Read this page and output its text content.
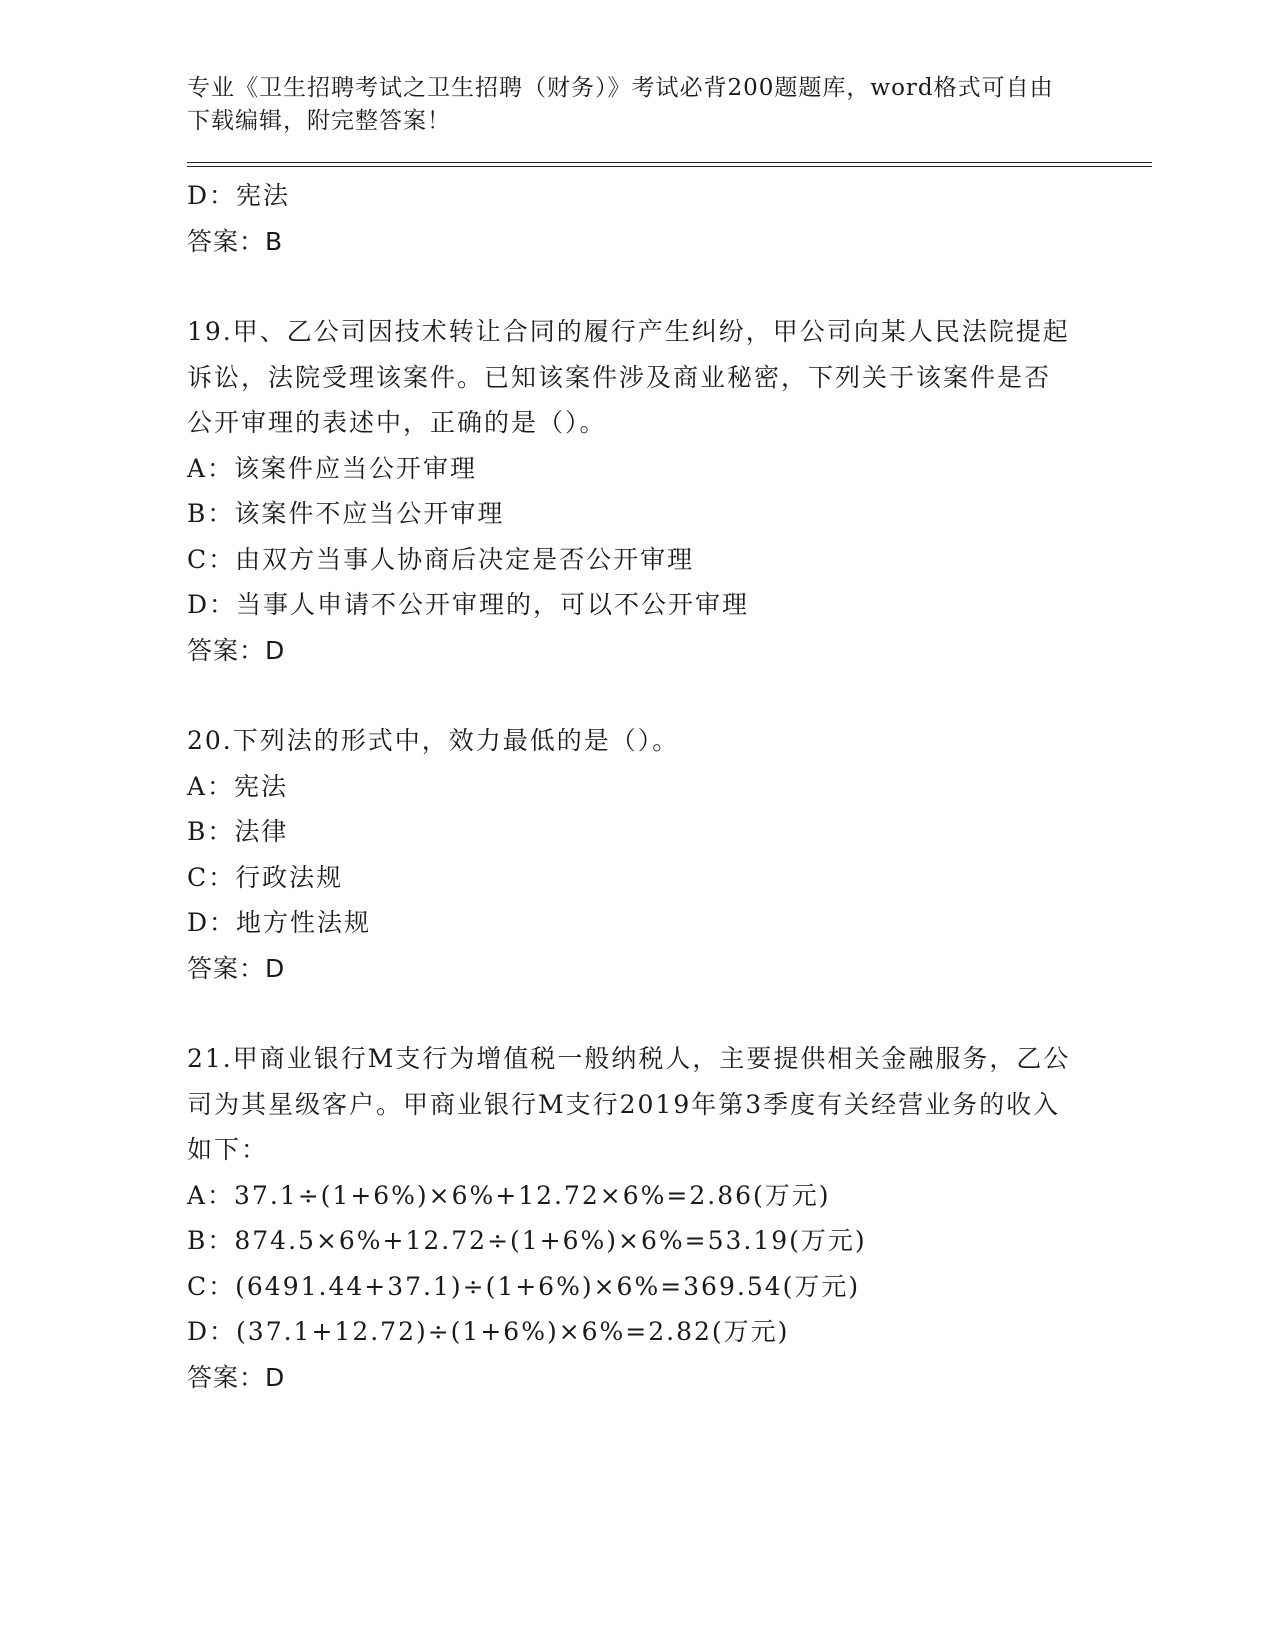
专业《卫生招聘考试之卫生招聘（财务）》考试必背200题题库，word格式可自由下载编辑，附完整答案！
D：宪法
答案：B
19.甲、乙公司因技术转让合同的履行产生纠纷，甲公司向某人民法院提起诉讼，法院受理该案件。已知该案件涉及商业秘密，下列关于该案件是否公开审理的表述中，正确的是（）。
A：该案件应当公开审理
B：该案件不应当公开审理
C：由双方当事人协商后决定是否公开审理
D：当事人申请不公开审理的，可以不公开审理
答案：D
20.下列法的形式中，效力最低的是（）。
A：宪法
B：法律
C：行政法规
D：地方性法规
答案：D
21.甲商业银行M支行为增值税一般纳税人，主要提供相关金融服务，乙公司为其星级客户。甲商业银行M支行2019年第3季度有关经营业务的收入如下：
A：37.1÷(1+6%)×6%+12.72×6%=2.86(万元)
B：874.5×6%+12.72÷(1+6%)×6%=53.19(万元)
C：(6491.44+37.1)÷(1+6%)×6%=369.54(万元)
D：(37.1+12.72)÷(1+6%)×6%=2.82(万元)
答案：D
